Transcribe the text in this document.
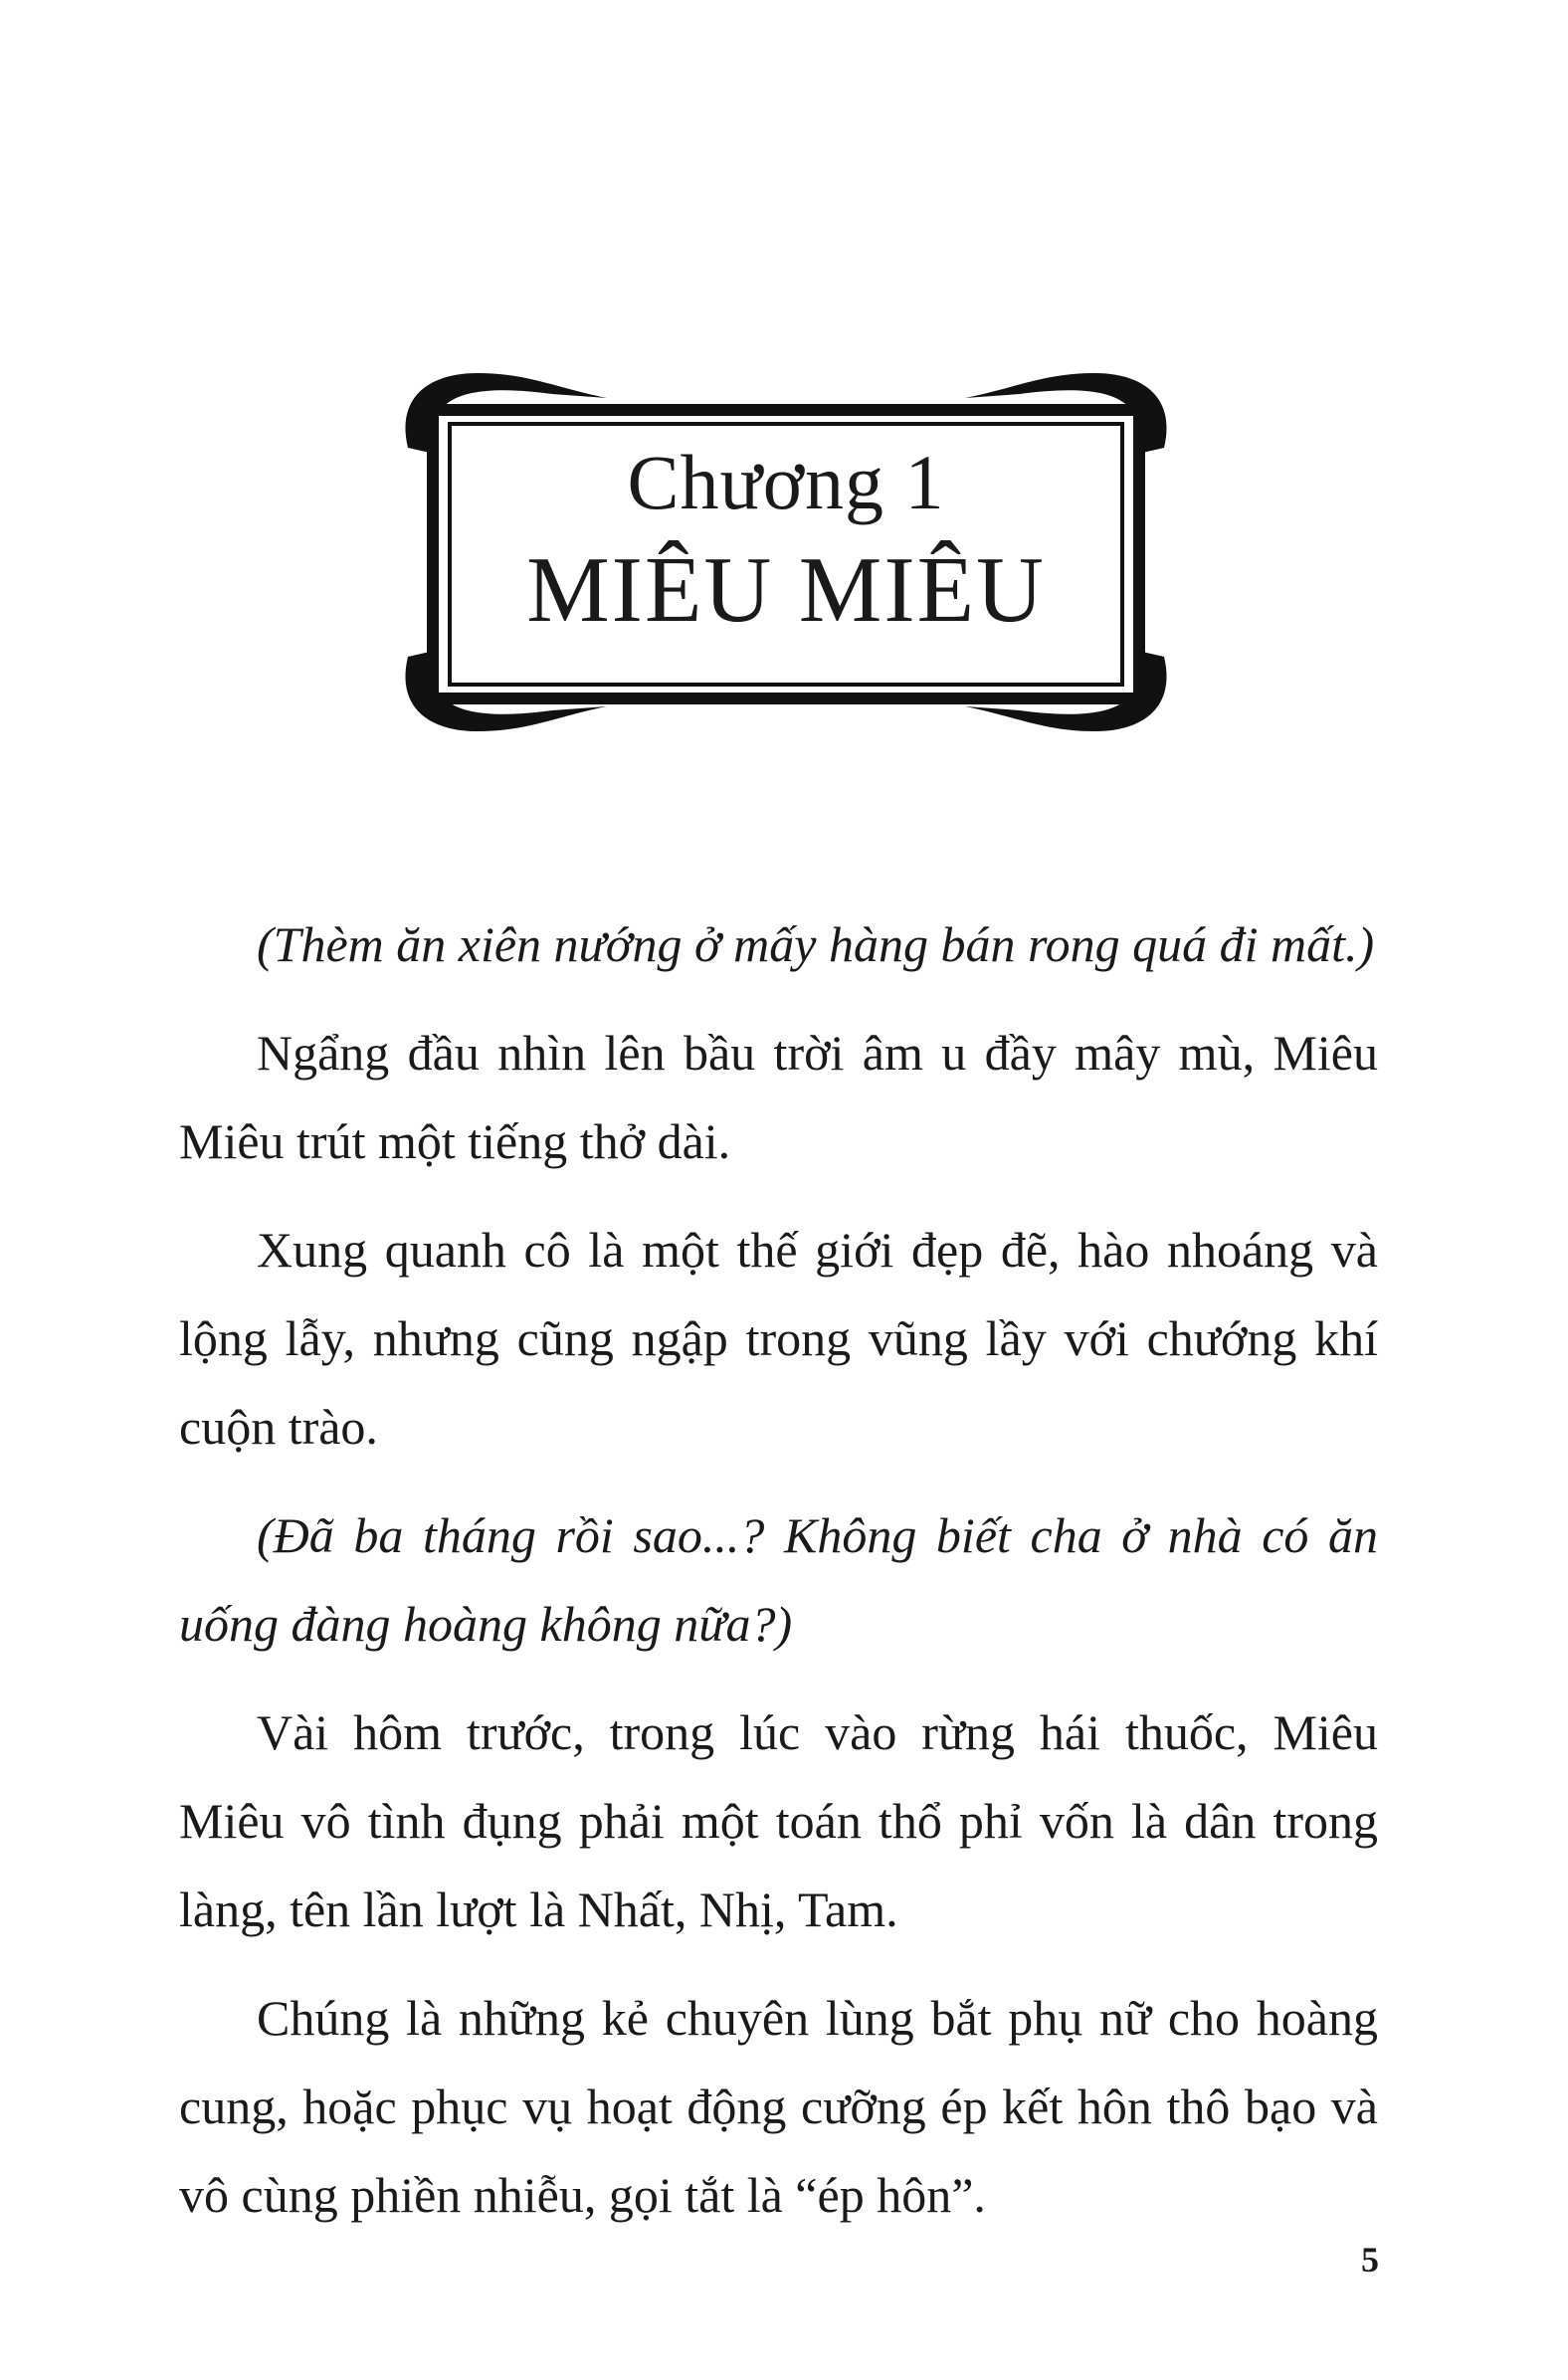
Chương 1
MIÊU MIÊU

(Thèm ăn xiên nướng ở mấy hàng bán rong quá đi mất.)

Ngẩng đầu nhìn lên bầu trời âm u đầy mây mù, Miêu Miêu trút một tiếng thở dài.

Xung quanh cô là một thế giới đẹp đẽ, hào nhoáng và lộng lẫy, nhưng cũng ngập trong vũng lầy với chướng khí cuộn trào.

(Đã ba tháng rồi sao...? Không biết cha ở nhà có ăn uống đàng hoàng không nữa?)

Vài hôm trước, trong lúc vào rừng hái thuốc, Miêu Miêu vô tình đụng phải một toán thổ phỉ vốn là dân trong làng, tên lần lượt là Nhất, Nhị, Tam.

Chúng là những kẻ chuyên lùng bắt phụ nữ cho hoàng cung, hoặc phục vụ hoạt động cưỡng ép kết hôn thô bạo và vô cùng phiền nhiễu, gọi tắt là “ép hôn”.

5
